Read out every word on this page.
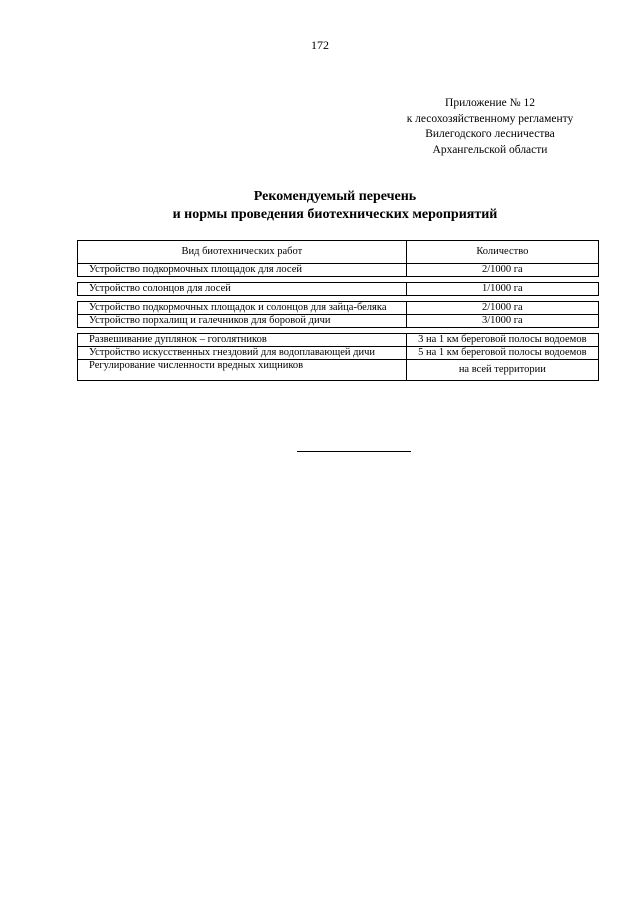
172
Приложение № 12
к лесохозяйственному регламенту
Вилегодского лесничества
Архангельской области
Рекомендуемый перечень
и нормы проведения биотехнических мероприятий
Вид биотехнических работ	Количество
Устройство подкормочных площадок для лосей	2/1000 га

Устройство солонцов для лосей	1/1000 га

Устройство подкормочных площадок и солонцов для зайца-беляка	2/1000 га
Устройство порхалищ и галечников для боровой дичи	3/1000 га

Развешивание дуплянок – гоголятников	3 на 1 км береговой полосы водоемов
Устройство искусственных гнездовий для водоплавающей дичи	5 на 1 км береговой полосы водоемов
Регулирование численности вредных хищников	на всей территории
